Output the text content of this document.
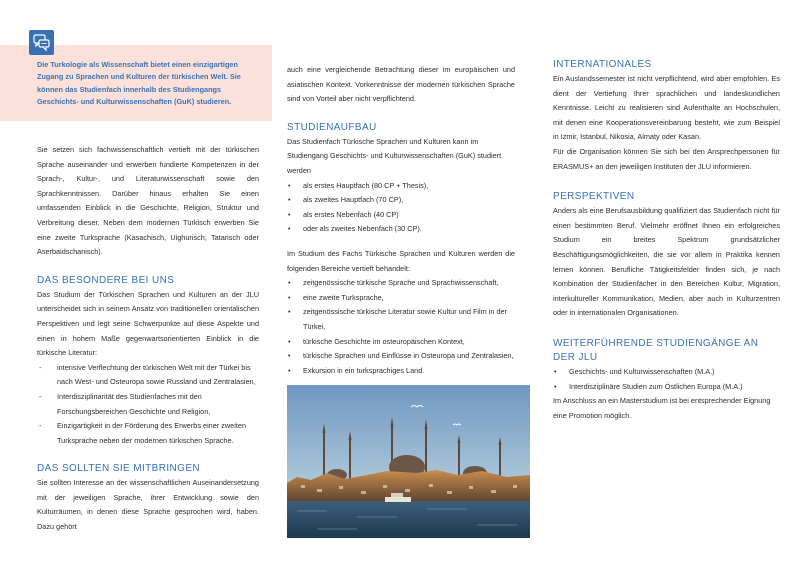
Die Turkologie als Wissenschaft bietet einen einzigartigen Zugang zu Sprachen und Kulturen der türkischen Welt. Sie können das Studienfach innerhalb des Studiengangs Geschichts- und Kulturwissenschaften (GuK) studieren.

Sie setzen sich fachwissenschaftlich vertieft mit der türkischen Sprache auseinander und erwerben fundierte Kompetenzen in der Sprach-, Kultur-, und Literaturwissenschaft sowie den Sprachkenntnissen. Darüber hinaus erhalten Sie einen umfassenden Einblick in die Geschichte, Religion, Struktur und Verbreitung dieser. Neben dem modernen Türkisch erwerben Sie eine zweite Turksprache (Kasachisch, Uighurisch, Tatarisch oder Aserbaidschanisch).

DAS BESONDERE BEI UNS

Das Studium der Türkischen Sprachen und Kulturen an der JLU unterscheidet sich in seinem Ansatz von traditionellen orientalischen Perspektiven und legt seine Schwerpunkte auf diese Aspekte und einen in hohem Maße gegenwartsorientierten Einblick in die türkische Literatur:

- intensive Verflechtung der türkischen Welt mit der Türkei bis nach West- und Osteuropa sowie Russland und Zentralasien,
- Interdisziplinarität des Studienfaches mit den Forschungsbereichen Geschichte und Religion,
- Einzigartigkeit in der Förderung des Erwerbs einer zweiten Turksprache neben der modernen türkischen Sprache.
DAS SOLLTEN SIE MITBRINGEN

Sie sollten Interesse an der wissenschaftlichen Auseinandersetzung mit der jeweiligen Sprache, ihrer Entwicklung sowie den Kulturräumen, in denen diese Sprache gesprochen wird, haben. Dazu gehört

auch eine vergleichende Betrachtung dieser im europäischen und asiatischen Kontext. Vorkenntnisse der modernen türkischen Sprache sind von Vorteil aber nicht verpflichtend.

STUDIENAUFBAU

Das Studienfach Türkische Sprachen und Kulturen kann im Studiengang Geschichts- und Kulturwissenschaften (GuK) studiert werden

• als erstes Hauptfach (80 CP + Thesis),
• als zweites Hauptfach (70 CP),
• als erstes Nebenfach (40 CP)
• oder als zweites Nebenfach (30 CP).

Im Studium des Fachs Türkische Sprachen und Kulturen werden die folgenden Bereiche vertieft behandelt:

• zeitgenössische türkische Sprache und Sprachwissenschaft,
• eine zweite Turksprache,
• zeitgenössische türkische Literatur sowie Kultur und Film in der Türkei,
• türkische Geschichte im osteuropäischen Kontext,
• türkische Sprachen und Einflüsse in Osteuropa und Zentralasien,
• Exkursion in ein turksprachiges Land.
INTERNATIONALES

Ein Auslandssemester ist nicht verpflichtend, wird aber empfohlen. Es dient der Vertiefung Ihrer sprachlichen und landeskundlichen Kenntnisse. Leicht zu realisieren sind Aufenthalte an Hochschulen, mit denen eine Kooperationsvereinbarung besteht, wie zum Beispiel in Izmir, Istanbul, Nikosia, Almaty oder Kasan.

Für die Organisation können Sie sich bei den Ansprechpersonen für ERASMUS+ an den jeweiligen Instituten der JLU informieren.

PERSPEKTIVEN

Anders als eine Berufsausbildung qualifiziert das Studienfach nicht für einen bestimmten Beruf. Vielmehr eröffnet Ihnen ein erfolgreiches Studium ein breites Spektrum grundsätzlicher Beschäftigungsmöglichkeiten, die sie vor allem in Praktika kennen lernen können. Berufliche Tätigkeitsfelder finden sich, je nach Kombination der Studienfächer in den Bereichen Kultur, Migration, interkultureller Kommunikation, Medien, aber auch in Kulturzentren oder in internationalen Organisationen.

WEITERFÜHRENDE STUDIENGÄNGE AN DER JLU
• Geschichts- und Kulturwissenschaften (M.A.)
• Interdisziplinäre Studien zum Östlichen Europa (M.A.)

Im Anschluss an ein Masterstudium ist bei entsprechender Eignung eine Promotion möglich.
